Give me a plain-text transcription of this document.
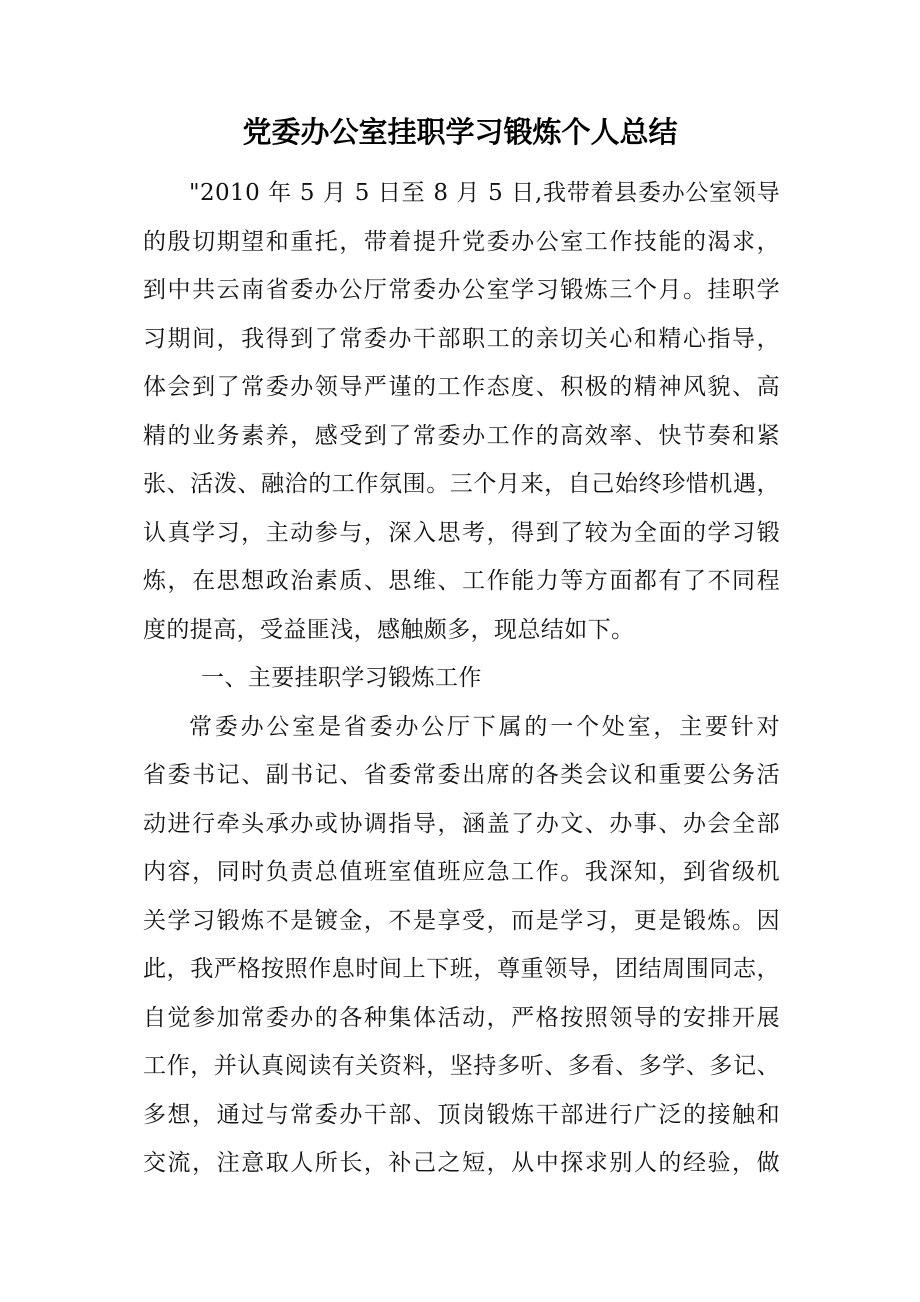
党委办公室挂职学习锻炼个人总结
"2010 年 5 月 5 日至 8 月 5 日,我带着县委办公室领导
的殷切期望和重托，带着提升党委办公室工作技能的渴求，
到中共云南省委办公厅常委办公室学习锻炼三个月。挂职学
习期间，我得到了常委办干部职工的亲切关心和精心指导，
体会到了常委办领导严谨的工作态度、积极的精神风貌、高
精的业务素养，感受到了常委办工作的高效率、快节奏和紧
张、活泼、融洽的工作氛围。三个月来，自己始终珍惜机遇，
认真学习，主动参与，深入思考，得到了较为全面的学习锻
炼，在思想政治素质、思维、工作能力等方面都有了不同程
度的提高，受益匪浅，感触颇多，现总结如下。
一、主要挂职学习锻炼工作
常委办公室是省委办公厅下属的一个处室，主要针对
省委书记、副书记、省委常委出席的各类会议和重要公务活
动进行牵头承办或协调指导，涵盖了办文、办事、办会全部
内容，同时负责总值班室值班应急工作。我深知，到省级机
关学习锻炼不是镀金，不是享受，而是学习，更是锻炼。因
此，我严格按照作息时间上下班，尊重领导，团结周围同志，
自觉参加常委办的各种集体活动，严格按照领导的安排开展
工作，并认真阅读有关资料，坚持多听、多看、多学、多记、
多想，通过与常委办干部、顶岗锻炼干部进行广泛的接触和
交流，注意取人所长，补己之短，从中探求别人的经验，做
